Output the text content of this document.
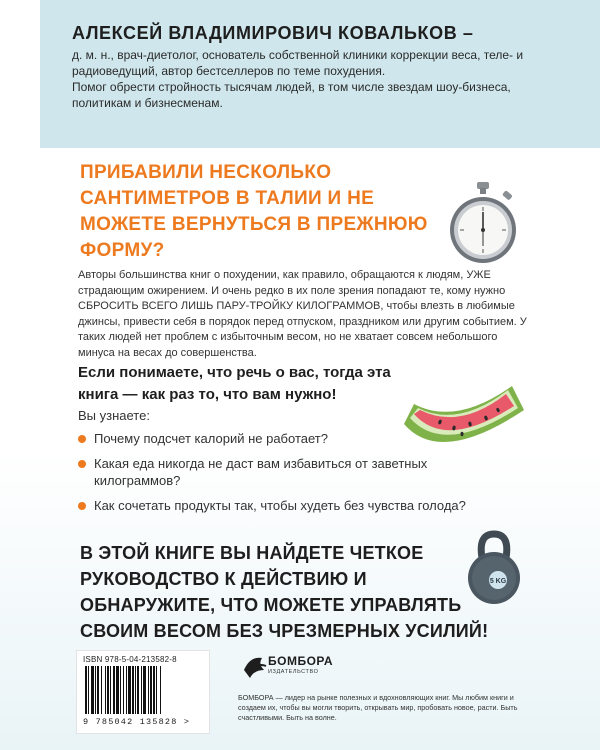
АЛЕКСЕЙ ВЛАДИМИРОВИЧ КОВАЛЬКОВ –
д. м. н., врач-диетолог, основатель собственной клиники коррекции веса, теле- и радиоведущий, автор бестселлеров по теме похудения.
Помог обрести стройность тысячам людей, в том числе звездам шоу-бизнеса, политикам и бизнесменам.
ПРИБАВИЛИ НЕСКОЛЬКО САНТИМЕТРОВ В ТАЛИИ И НЕ МОЖЕТЕ ВЕРНУТЬСЯ В ПРЕЖНЮЮ ФОРМУ?
Авторы большинства книг о похудении, как правило, обращаются к людям, УЖЕ страдающим ожирением. И очень редко в их поле зрения попадают те, кому нужно СБРОСИТЬ ВСЕГО ЛИШЬ ПАРУ-ТРОЙКУ КИЛОГРАММОВ, чтобы влезть в любимые джинсы, привести себя в порядок перед отпуском, праздником или другим событием. У таких людей нет проблем с избыточным весом, но не хватает совсем небольшого минуса на весах до совершенства.
Если понимаете, что речь о вас, тогда эта книга — как раз то, что вам нужно!
Вы узнаете:
Почему подсчет калорий не работает?
Какая еда никогда не даст вам избавиться от заветных килограммов?
Как сочетать продукты так, чтобы худеть без чувства голода?
В ЭТОЙ КНИГЕ ВЫ НАЙДЕТЕ ЧЕТКОЕ РУКОВОДСТВО К ДЕЙСТВИЮ И ОБНАРУЖИТЕ, ЧТО МОЖЕТЕ УПРАВЛЯТЬ СВОИМ ВЕСОМ БЕЗ ЧРЕЗМЕРНЫХ УСИЛИЙ!
5 KG
ISBN 978-5-04-213582-8
9 785042 135828 >
БОМБОРА
ИЗДАТЕЛЬСТВО
БОМБОРА — лидер на рынке полезных и вдохновляющих книг. Мы любим книги и создаем их, чтобы вы могли творить, открывать мир, пробовать новое, расти. Быть счастливыми. Быть на волне.
